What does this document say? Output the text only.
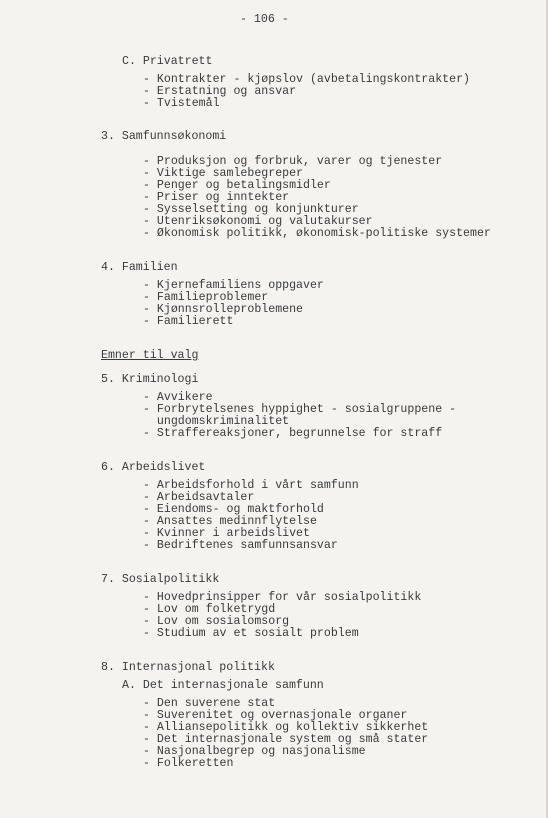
- 106 -
C. Privatrett
- Kontrakter - kjøpslov (avbetalingskontrakter)
- Erstatning og ansvar
- Tvistemål
3. Samfunnsøkonomi
- Produksjon og forbruk, varer og tjenester
- Viktige samlebegreper
- Penger og betalingsmidler
- Priser og inntekter
- Sysselsetting og konjunkturer
- Utenriksøkonomi og valutakurser
- Økonomisk politikk, økonomisk-politiske systemer
4. Familien
- Kjernefamiliens oppgaver
- Familieproblemer
- Kjønnsrolleproblemene
- Familierett
Emner til valg
5. Kriminologi
- Avvikere
- Forbrytelsenes hyppighet - sosialgruppene -
ungdomskriminalitet
- Straffereaksjoner, begrunnelse for straff
6. Arbeidslivet
- Arbeidsforhold i vårt samfunn
- Arbeidsavtaler
- Eiendoms- og maktforhold
- Ansattes medinnflytelse
- Kvinner i arbeidslivet
- Bedriftenes samfunnsansvar
7. Sosialpolitikk
- Hovedprinsipper for vår sosialpolitikk
- Lov om folketrygd
- Lov om sosialomsorg
- Studium av et sosialt problem
8. Internasjonal politikk
A. Det internasjonale samfunn
- Den suverene stat
- Suverenitet og overnasjonale organer
- Alliansepolitikk og kollektiv sikkerhet
- Det internasjonale system og små stater
- Nasjonalbegrep og nasjonalisme
- Folkeretten
